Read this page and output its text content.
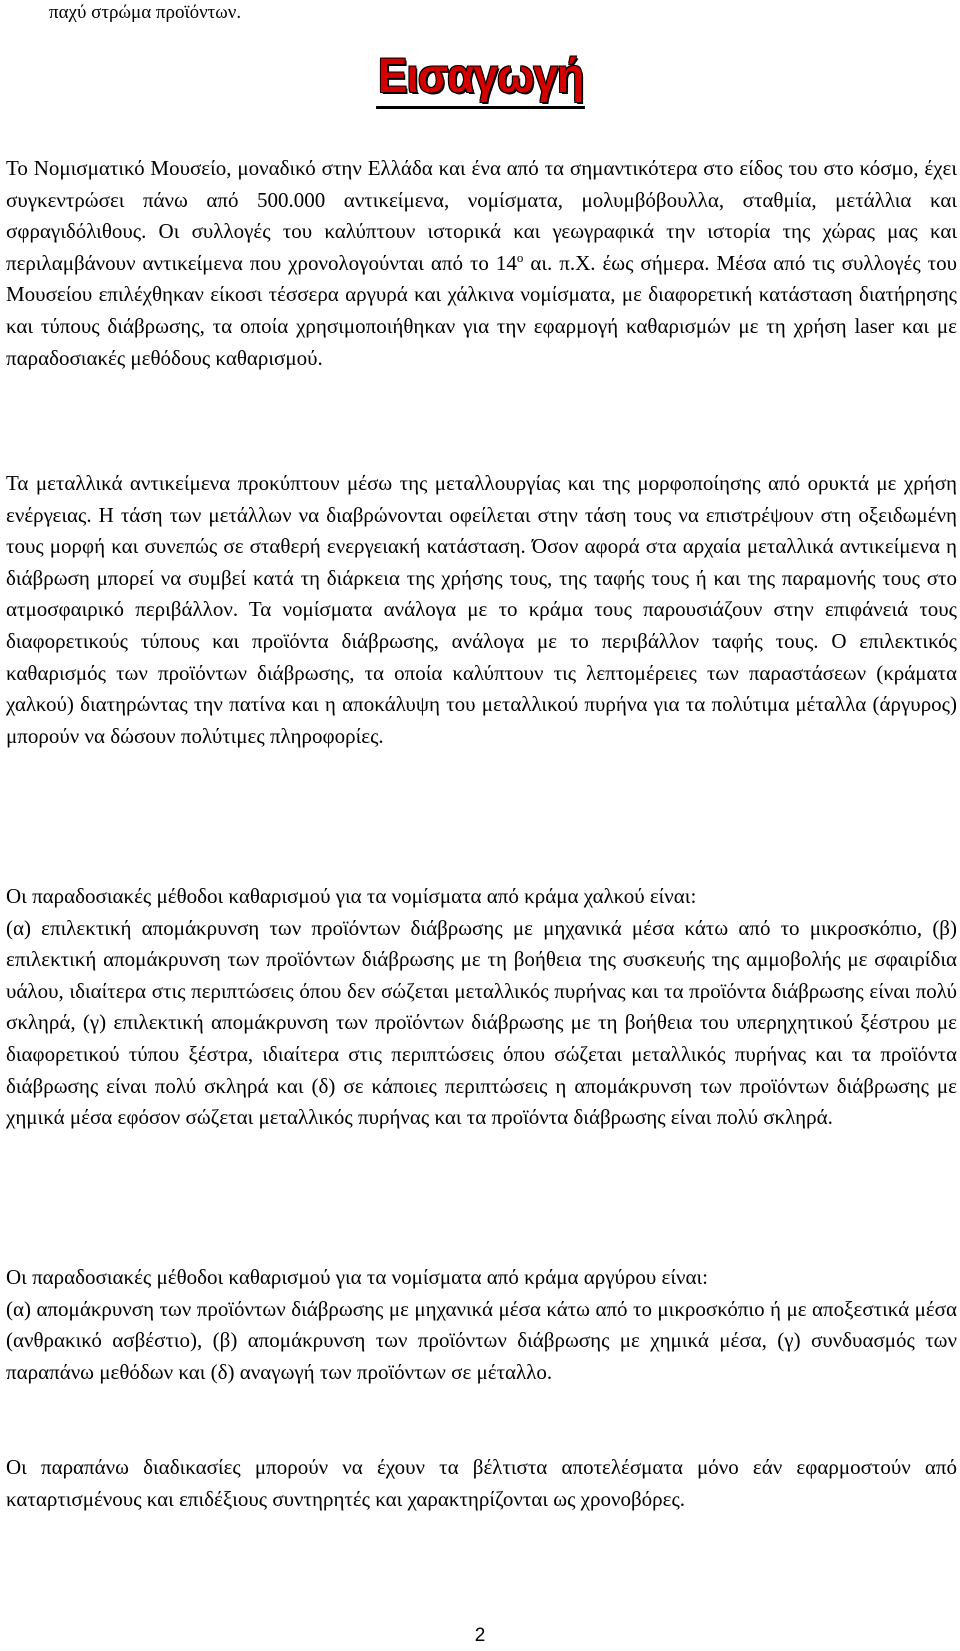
παχύ στρώμα προϊόντων.
Εισαγωγή

Το Νομισματικό Μουσείο, μοναδικό στην Ελλάδα και ένα από τα σημαντικότερα στο είδος του στο κόσμο, έχει συγκεντρώσει πάνω από 500.000 αντικείμενα, νομίσματα, μολυμβόβουλλα, σταθμία, μετάλλια και σφραγιδόλιθους. Οι συλλογές του καλύπτουν ιστορικά και γεωγραφικά την ιστορία της χώρας μας και περιλαμβάνουν αντικείμενα που χρονολογούνται από το $14^o$ αι. π.Χ. έως σήμερα. Μέσα από τις συλλογές του Μουσείου επιλέχθηκαν είκοσι τέσσερα αργυρά και χάλκινα νομίσματα, με διαφορετική κατάσταση διατήρησης και τύπους διάβρωσης, τα οποία χρησιμοποιήθηκαν για την εφαρμογή καθαρισμών με τη χρήση laser και με παραδοσιακές μεθόδους καθαρισμού.

Τα μεταλλικά αντικείμενα προκύπτουν μέσω της μεταλλουργίας και της μορφοποίησης από ορυκτά με χρήση ενέργειας. Η τάση των μετάλλων να διαβρώνονται οφείλεται στην τάση τους να επιστρέψουν στη οξειδωμένη τους μορφή και συνεπώς σε σταθερή ενεργειακή κατάσταση. Όσον αφορά στα αρχαία μεταλλικά αντικείμενα η διάβρωση μπορεί να συμβεί κατά τη διάρκεια της χρήσης τους, της ταφής τους ή και της παραμονής τους στο ατμοσφαιρικό περιβάλλον. Τα νομίσματα ανάλογα με το κράμα τους παρουσιάζουν στην επιφάνειά τους διαφορετικούς τύπους και προϊόντα διάβρωσης, ανάλογα με το περιβάλλον ταφής τους. Ο επιλεκτικός καθαρισμός των προϊόντων διάβρωσης, τα οποία καλύπτουν τις λεπτομέρειες των παραστάσεων (κράματα χαλκού) διατηρώντας την πατίνα και η αποκάλυψη του μεταλλικού πυρήνα για τα πολύτιμα μέταλλα (άργυρος) μπορούν να δώσουν πολύτιμες πληροφορίες.

Οι παραδοσιακές μέθοδοι καθαρισμού για τα νομίσματα από κράμα χαλκού είναι:
(α) επιλεκτική απομάκρυνση των προϊόντων διάβρωσης με μηχανικά μέσα κάτω από το μικροσκόπιο, (β) επιλεκτική απομάκρυνση των προϊόντων διάβρωσης με τη βοήθεια της συσκευής της αμμοβολής με σφαιρίδια υάλου, ιδιαίτερα στις περιπτώσεις όπου δεν σώζεται μεταλλικός πυρήνας και τα προϊόντα διάβρωσης είναι πολύ σκληρά, (γ) επιλεκτική απομάκρυνση των προϊόντων διάβρωσης με τη βοήθεια του υπερηχητικού ξέστρου με διαφορετικού τύπου ξέστρα, ιδιαίτερα στις περιπτώσεις όπου σώζεται μεταλλικός πυρήνας και τα προϊόντα διάβρωσης είναι πολύ σκληρά και (δ) σε κάποιες περιπτώσεις η απομάκρυνση των προϊόντων διάβρωσης με χημικά μέσα εφόσον σώζεται μεταλλικός πυρήνας και τα προϊόντα διάβρωσης είναι πολύ σκληρά.

Οι παραδοσιακές μέθοδοι καθαρισμού για τα νομίσματα από κράμα αργύρου είναι:
(α) απομάκρυνση των προϊόντων διάβρωσης με μηχανικά μέσα κάτω από το μικροσκόπιο ή με αποξεστικά μέσα (ανθρακικό ασβέστιο), (β) απομάκρυνση των προϊόντων διάβρωσης με χημικά μέσα, (γ) συνδυασμός των παραπάνω μεθόδων και (δ) αναγωγή των προϊόντων σε μέταλλο.

Οι παραπάνω διαδικασίες μπορούν να έχουν τα βέλτιστα αποτελέσματα μόνο εάν εφαρμοστούν από καταρτισμένους και επιδέξιους συντηρητές και χαρακτηρίζονται ως χρονοβόρες.

2
